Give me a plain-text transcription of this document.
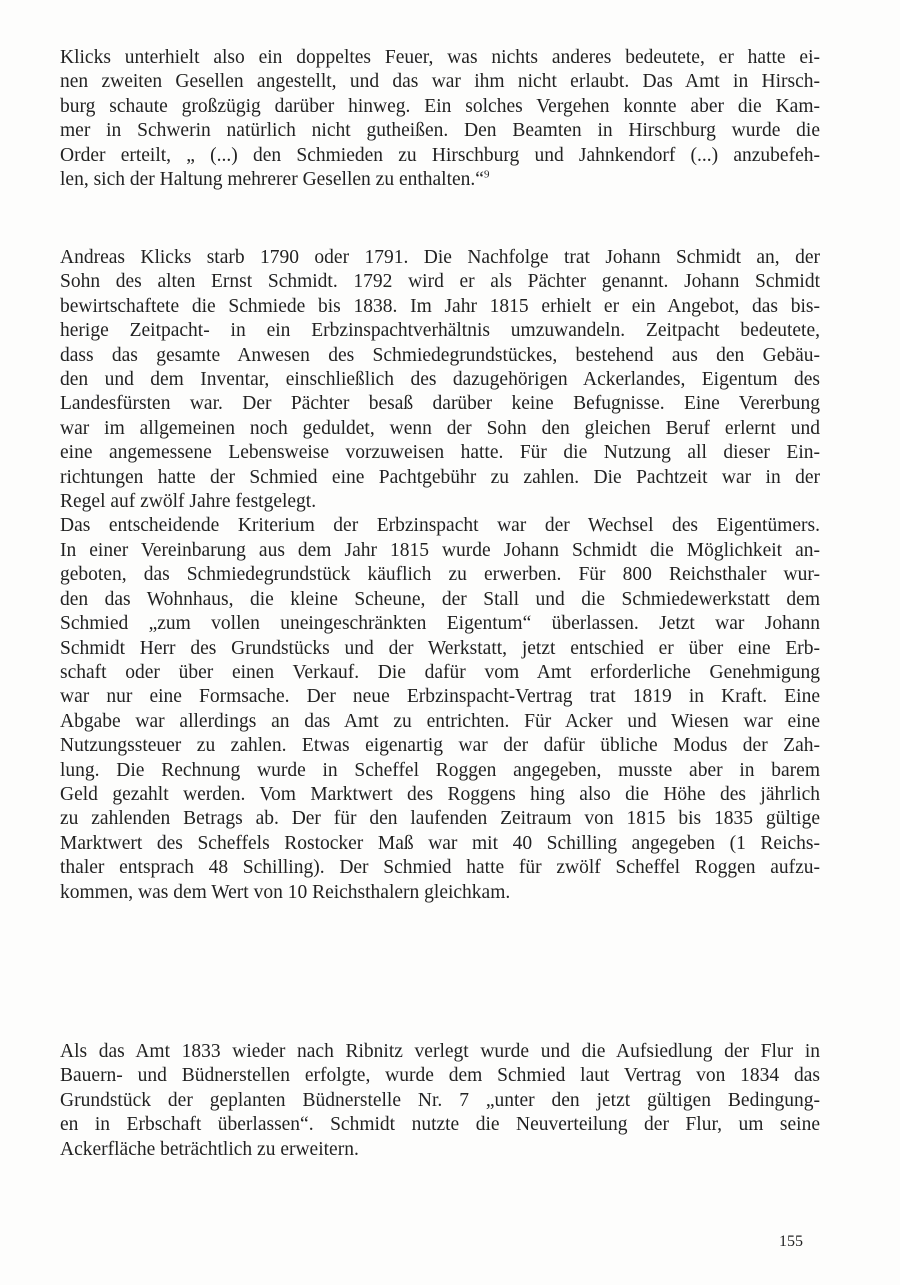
Klicks unterhielt also ein doppeltes Feuer, was nichts anderes bedeutete, er hatte ei-
nen zweiten Gesellen angestellt, und das war ihm nicht erlaubt. Das Amt in Hirsch-
burg schaute großzügig darüber hinweg. Ein solches Vergehen konnte aber die Kam-
mer in Schwerin natürlich nicht gutheißen. Den Beamten in Hirschburg wurde die
Order erteilt, „ (...) den Schmieden zu Hirschburg und Jahnkendorf (...) anzubefeh-
len, sich der Haltung mehrerer Gesellen zu enthalten.“$^9$
Andreas Klicks starb 1790 oder 1791. Die Nachfolge trat Johann Schmidt an, der
Sohn des alten Ernst Schmidt. 1792 wird er als Pächter genannt. Johann Schmidt
bewirtschaftete die Schmiede bis 1838. Im Jahr 1815 erhielt er ein Angebot, das bis-
herige Zeitpacht- in ein Erbzinspachtverhältnis umzuwandeln. Zeitpacht bedeutete,
dass das gesamte Anwesen des Schmiedegrundstückes, bestehend aus den Gebäu-
den und dem Inventar, einschließlich des dazugehörigen Ackerlandes, Eigentum des
Landesfürsten war. Der Pächter besaß darüber keine Befugnisse. Eine Vererbung
war im allgemeinen noch geduldet, wenn der Sohn den gleichen Beruf erlernt und
eine angemessene Lebensweise vorzuweisen hatte. Für die Nutzung all dieser Ein-
richtungen hatte der Schmied eine Pachtgebühr zu zahlen. Die Pachtzeit war in der
Regel auf zwölf Jahre festgelegt.
Das entscheidende Kriterium der Erbzinspacht war der Wechsel des Eigentümers.
In einer Vereinbarung aus dem Jahr 1815 wurde Johann Schmidt die Möglichkeit an-
geboten, das Schmiedegrundstück käuflich zu erwerben. Für 800 Reichsthaler wur-
den das Wohnhaus, die kleine Scheune, der Stall und die Schmiedewerkstatt dem
Schmied „zum vollen uneingeschränkten Eigentum“ überlassen. Jetzt war Johann
Schmidt Herr des Grundstücks und der Werkstatt, jetzt entschied er über eine Erb-
schaft oder über einen Verkauf. Die dafür vom Amt erforderliche Genehmigung
war nur eine Formsache. Der neue Erbzinspacht-Vertrag trat 1819 in Kraft. Eine
Abgabe war allerdings an das Amt zu entrichten. Für Acker und Wiesen war eine
Nutzungssteuer zu zahlen. Etwas eigenartig war der dafür übliche Modus der Zah-
lung. Die Rechnung wurde in Scheffel Roggen angegeben, musste aber in barem
Geld gezahlt werden. Vom Marktwert des Roggens hing also die Höhe des jährlich
zu zahlenden Betrags ab. Der für den laufenden Zeitraum von 1815 bis 1835 gültige
Marktwert des Scheffels Rostocker Maß war mit 40 Schilling angegeben (1 Reichs-
thaler entsprach 48 Schilling). Der Schmied hatte für zwölf Scheffel Roggen aufzu-
kommen, was dem Wert von 10 Reichsthalern gleichkam.
Als das Amt 1833 wieder nach Ribnitz verlegt wurde und die Aufsiedlung der Flur in
Bauern- und Büdnerstellen erfolgte, wurde dem Schmied laut Vertrag von 1834 das
Grundstück der geplanten Büdnerstelle Nr. 7 „unter den jetzt gültigen Bedingung-
en in Erbschaft überlassen“. Schmidt nutzte die Neuverteilung der Flur, um seine
Ackerfläche beträchtlich zu erweitern.
155
